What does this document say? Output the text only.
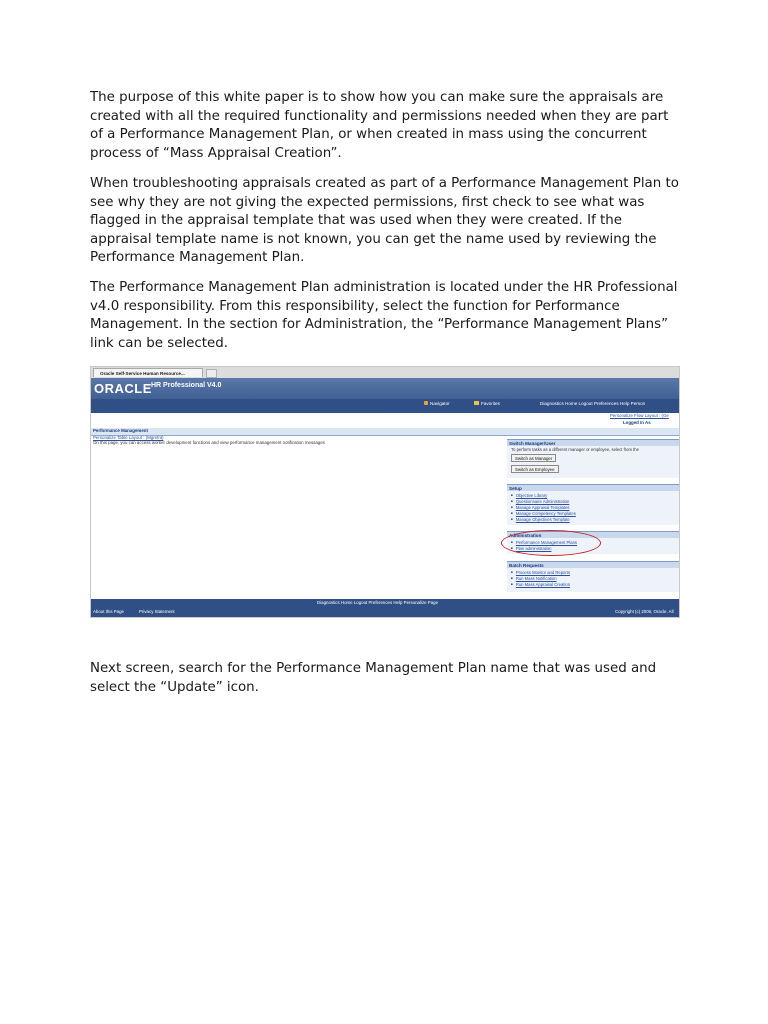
The purpose of this white paper is to show how you can make sure the appraisals are created with all the required functionality and permissions needed when they are part of a Performance Management Plan, or when created in mass using the concurrent process of “Mass Appraisal Creation”.

When troubleshooting appraisals created as part of a Performance Management Plan to see why they are not giving the expected permissions, first check to see what was flagged in the appraisal template that was used when they were created. If the appraisal template name is not known, you can get the name used by reviewing the Performance Management Plan.

The Performance Management Plan administration is located under the HR Professional v4.0 responsibility. From this responsibility, select the function for Performance Management. In the section for Administration, the “Performance Management Plans” link can be selected.

Oracle Self-Service Human Resource...
ORACLE HR Professional V4.0
Navigator	Favorites	Diagnostics Home Logout Preferences Help Person
Personalize Flow Layout : (Ge
Logged In As
Performance Management
Personalize Table Layout : (Mgrefnt)
On this page, you can access worker development functions and view performance management notification messages	Switch Manager/User
To perform tasks as a different manager or employee, select from the
Switch as Manager
Switch as Employee
Setup
■ Objective Library
■ Questionnaire Administration
■ Manage Appraisal Templates
■ Manage Competency Templates
■ Manage Objectives Template
Administration
■ Performance Management Plans
■ Plan administration
Batch Requests
■ Process Monitor and Reports
■ Run Mass Notification
■ Run Mass Appraisal Creation
Diagnostics Home Logout Preferences Help Personalize Page
About this Page	Privacy Statement	Copyright (c) 2006, Oracle. All

Next screen, search for the Performance Management Plan name that was used and select the “Update” icon.
